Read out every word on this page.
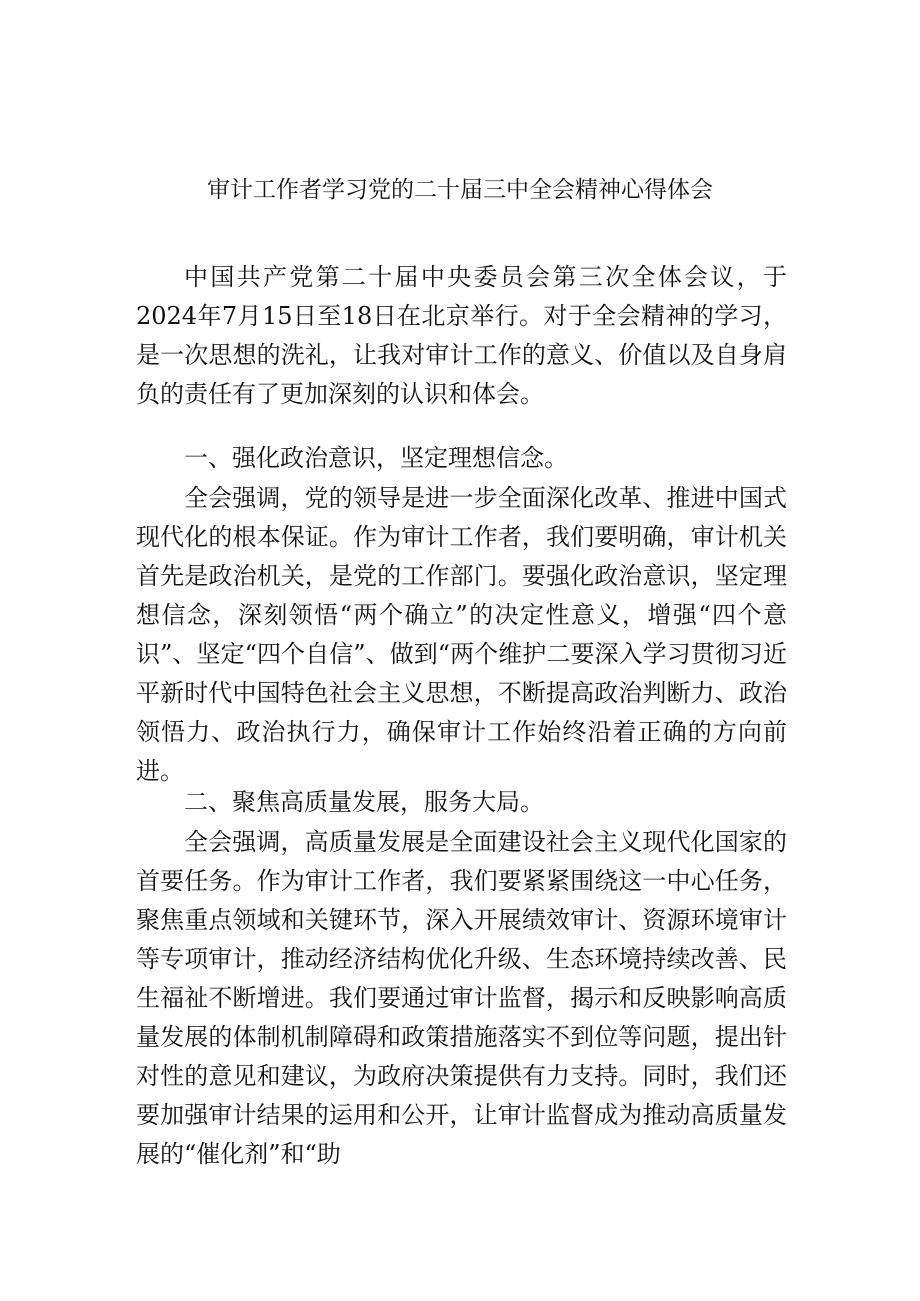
审计工作者学习党的二十届三中全会精神心得体会

中国共产党第二十届中央委员会第三次全体会议，于2024年7月15日至18日在北京举行。对于全会精神的学习，是一次思想的洗礼，让我对审计工作的意义、价值以及自身肩负的责任有了更加深刻的认识和体会。

一、强化政治意识，坚定理想信念。

全会强调，党的领导是进一步全面深化改革、推进中国式现代化的根本保证。作为审计工作者，我们要明确，审计机关首先是政治机关，是党的工作部门。要强化政治意识，坚定理想信念，深刻领悟“两个确立”的决定性意义，增强“四个意识”、坚定“四个自信”、做到“两个维护二要深入学习贯彻习近平新时代中国特色社会主义思想，不断提高政治判断力、政治领悟力、政治执行力，确保审计工作始终沿着正确的方向前进。

二、聚焦高质量发展，服务大局。

全会强调，高质量发展是全面建设社会主义现代化国家的首要任务。作为审计工作者，我们要紧紧围绕这一中心任务，聚焦重点领域和关键环节，深入开展绩效审计、资源环境审计等专项审计，推动经济结构优化升级、生态环境持续改善、民生福祉不断增进。我们要通过审计监督，揭示和反映影响高质量发展的体制机制障碍和政策措施落实不到位等问题，提出针对性的意见和建议，为政府决策提供有力支持。同时，我们还要加强审计结果的运用和公开，让审计监督成为推动高质量发展的“催化剂”和“助
